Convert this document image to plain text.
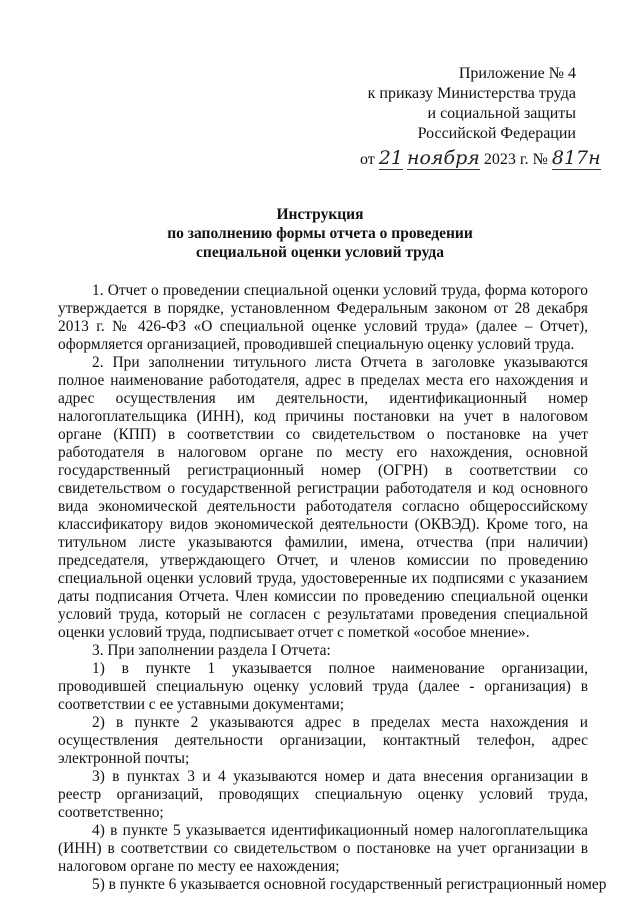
Приложение № 4
к приказу Министерства труда
и социальной защиты
Российской Федерации
от 21 ноября 2023 г. № 817н
Инструкция
по заполнению формы отчета о проведении
специальной оценки условий труда

1. Отчет о проведении специальной оценки условий труда, форма которого утверждается в порядке, установленном Федеральным законом от 28 декабря 2013 г. № 426-ФЗ «О специальной оценке условий труда» (далее – Отчет), оформляется организацией, проводившей специальную оценку условий труда.

2. При заполнении титульного листа Отчета в заголовке указываются полное наименование работодателя, адрес в пределах места его нахождения и адрес осуществления им деятельности, идентификационный номер налогоплательщика (ИНН), код причины постановки на учет в налоговом органе (КПП) в соответствии со свидетельством о постановке на учет работодателя в налоговом органе по месту его нахождения, основной государственный регистрационный номер (ОГРН) в соответствии со свидетельством о государственной регистрации работодателя и код основного вида экономической деятельности работодателя согласно общероссийскому классификатору видов экономической деятельности (ОКВЭД). Кроме того, на титульном листе указываются фамилии, имена, отчества (при наличии) председателя, утверждающего Отчет, и членов комиссии по проведению специальной оценки условий труда, удостоверенные их подписями с указанием даты подписания Отчета. Член комиссии по проведению специальной оценки условий труда, который не согласен с результатами проведения специальной оценки условий труда, подписывает отчет с пометкой «особое мнение».

3. При заполнении раздела I Отчета:

1) в пункте 1 указывается полное наименование организации, проводившей специальную оценку условий труда (далее - организация) в соответствии с ее уставными документами;

2) в пункте 2 указываются адрес в пределах места нахождения и осуществления деятельности организации, контактный телефон, адрес электронной почты;

3) в пунктах 3 и 4 указываются номер и дата внесения организации в реестр организаций, проводящих специальную оценку условий труда, соответственно;

4) в пункте 5 указывается идентификационный номер налогоплательщика (ИНН) в соответствии со свидетельством о постановке на учет организации в налоговом органе по месту ее нахождения;

5) в пункте 6 указывается основной государственный регистрационный номер
